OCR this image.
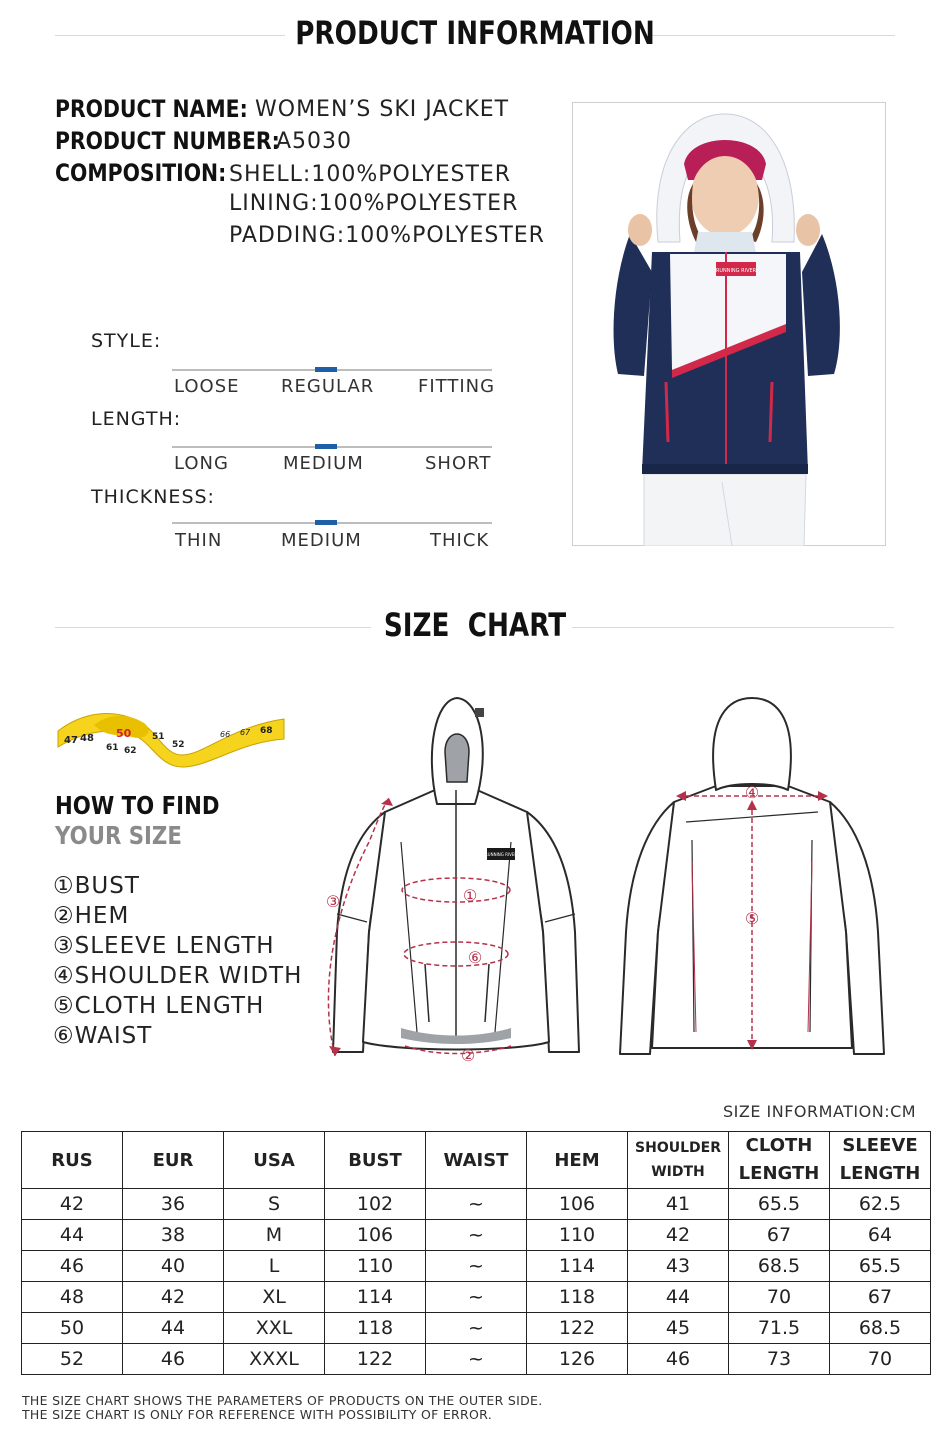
PRODUCT INFORMATION
PRODUCT NAME: WOMEN’S SKI JACKET
PRODUCT NUMBER:
A5030
COMPOSITION: SHELL:100%POLYESTER
LINING:100%POLYESTER
PADDING:100%POLYESTER
STYLE:
LOOSE REGULAR FITTING
LENGTH:
LONG	MEDIUM	SHORT
THICKNESS:
THIN	MEDIUM	THICK
RUNNING RIVER
SIZE  CHART
47 48 50 51
52
61 62
66 67 68
HOW TO FIND
YOUR SIZE
①BUST
②HEM
③SLEEVE LENGTH
④SHOULDER WIDTH
⑤CLOTH LENGTH
⑥WAIST
RUNNING RIVER
①
⑥
③
②
④
⑤
SIZE INFORMATION:CM
RUS	EUR	USA	BUST	WAIST	HEM	SHOULDER WIDTH	CLOTH LENGTH	SLEEVE LENGTH
42	36	S	102	~	106	41	65.5	62.5
44	38	M	106	~	110	42	67	64
46	40	L	110	~	114	43	68.5	65.5
48	42	XL	114	~	118	44	70	67
50	44	XXL	118	~	122	45	71.5	68.5
52	46	XXXL	122	~	126	46	73	70
THE SIZE CHART SHOWS THE PARAMETERS OF PRODUCTS ON THE OUTER SIDE.
THE SIZE CHART IS ONLY FOR REFERENCE WITH POSSIBILITY OF ERROR.
